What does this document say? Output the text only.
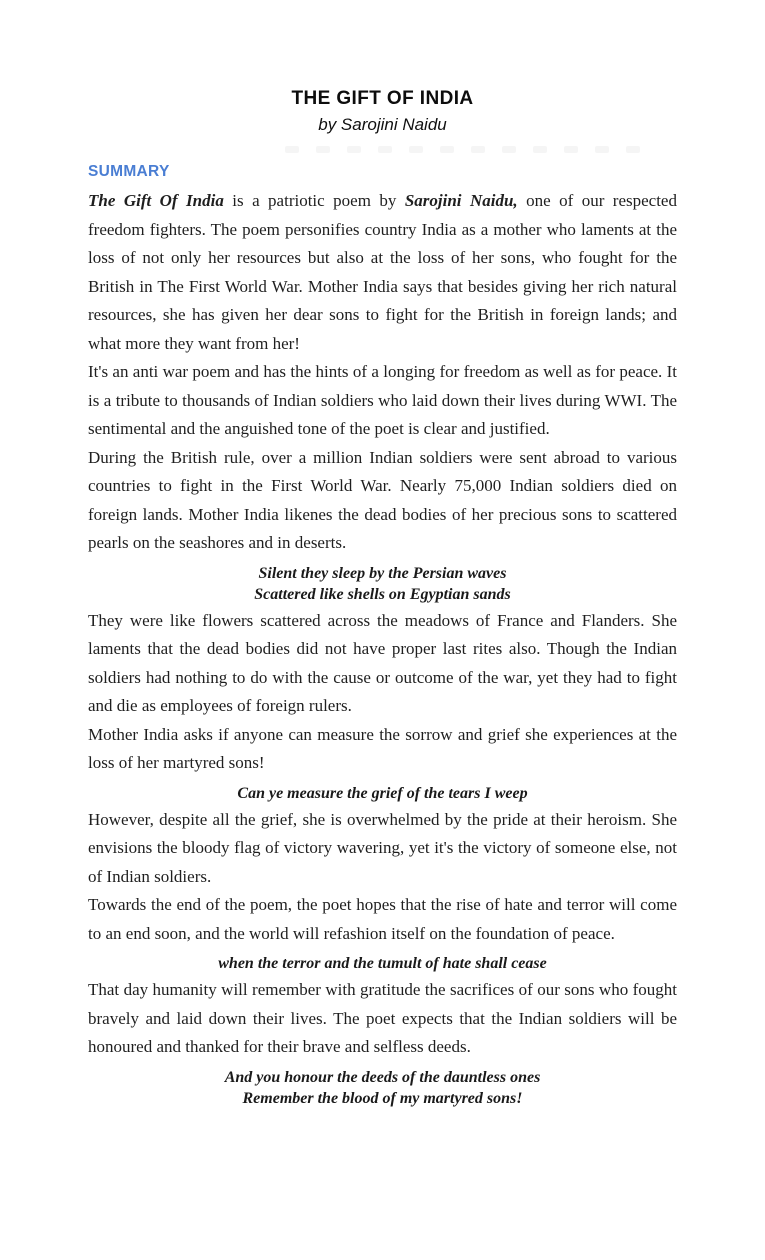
THE GIFT OF INDIA
by Sarojini Naidu
SUMMARY

The Gift Of India is a patriotic poem by Sarojini Naidu, one of our respected freedom fighters. The poem personifies country India as a mother who laments at the loss of not only her resources but also at the loss of her sons, who fought for the British in The First World War. Mother India says that besides giving her rich natural resources, she has given her dear sons to fight for the British in foreign lands; and what more they want from her!

It's an anti war poem and has the hints of a longing for freedom as well as for peace. It is a tribute to thousands of Indian soldiers who laid down their lives during WWI. The sentimental and the anguished tone of the poet is clear and justified.

During the British rule, over a million Indian soldiers were sent abroad to various countries to fight in the First World War. Nearly 75,000 Indian soldiers died on foreign lands. Mother India likenes the dead bodies of her precious sons to scattered pearls on the seashores and in deserts.

Silent they sleep by the Persian waves
Scattered like shells on Egyptian sands

They were like flowers scattered across the meadows of France and Flanders. She laments that the dead bodies did not have proper last rites also. Though the Indian soldiers had nothing to do with the cause or outcome of the war, yet they had to fight and die as employees of foreign rulers.

Mother India asks if anyone can measure the sorrow and grief she experiences at the loss of her martyred sons!

Can ye measure the grief of the tears I weep

However, despite all the grief, she is overwhelmed by the pride at their heroism. She envisions the bloody flag of victory wavering, yet it's the victory of someone else, not of Indian soldiers.

Towards the end of the poem, the poet hopes that the rise of hate and terror will come to an end soon, and the world will refashion itself on the foundation of peace.

when the terror and the tumult of hate shall cease

That day humanity will remember with gratitude the sacrifices of our sons who fought bravely and laid down their lives. The poet expects that the Indian soldiers will be honoured and thanked for their brave and selfless deeds.

And you honour the deeds of the dauntless ones
Remember the blood of my martyred sons!
